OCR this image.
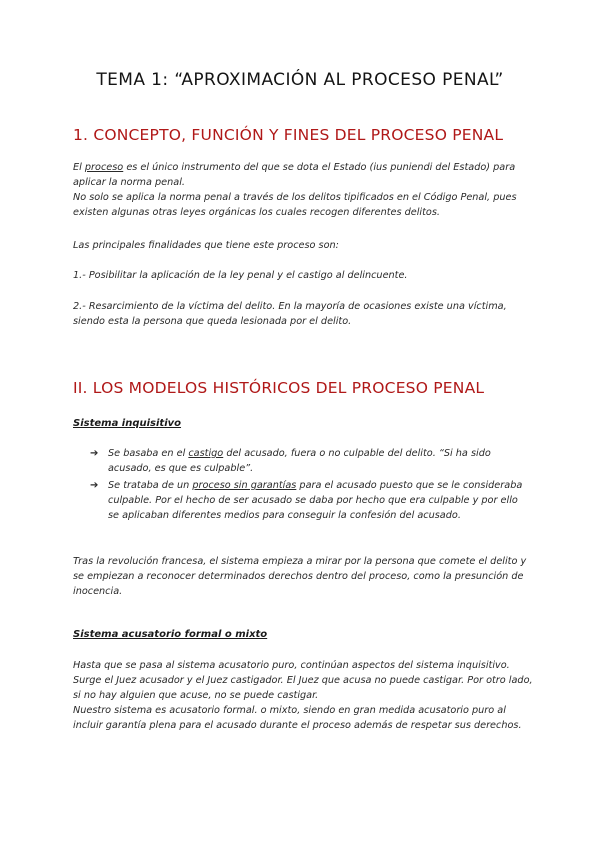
TEMA 1: “APROXIMACIÓN AL PROCESO PENAL”
1. CONCEPTO, FUNCIÓN Y FINES DEL PROCESO PENAL

El proceso es el único instrumento del que se dota el Estado (ius puniendi del Estado) para aplicar la norma penal.
No solo se aplica la norma penal a través de los delitos tipificados en el Código Penal, pues existen algunas otras leyes orgánicas los cuales recogen diferentes delitos.

Las principales finalidades que tiene este proceso son:

1.- Posibilitar la aplicación de la ley penal y el castigo al delincuente.

2.- Resarcimiento de la víctima del delito. En la mayoría de ocasiones existe una víctima, siendo esta la persona que queda lesionada por el delito.

II. LOS MODELOS HISTÓRICOS DEL PROCESO PENAL
Sistema inquisitivo
➔ Se basaba en el castigo del acusado, fuera o no culpable del delito. “Si ha sido acusado, es que es culpable”.
➔ Se trataba de un proceso sin garantías para el acusado puesto que se le consideraba culpable. Por el hecho de ser acusado se daba por hecho que era culpable y por ello se aplicaban diferentes medios para conseguir la confesión del acusado.

Tras la revolución francesa, el sistema empieza a mirar por la persona que comete el delito y se empiezan a reconocer determinados derechos dentro del proceso, como la presunción de inocencia.

Sistema acusatorio formal o mixto

Hasta que se pasa al sistema acusatorio puro, continúan aspectos del sistema inquisitivo. Surge el Juez acusador y el Juez castigador. El Juez que acusa no puede castigar. Por otro lado, si no hay alguien que acuse, no se puede castigar.
Nuestro sistema es acusatorio formal. o mixto, siendo en gran medida acusatorio puro al incluir garantía plena para el acusado durante el proceso además de respetar sus derechos.
